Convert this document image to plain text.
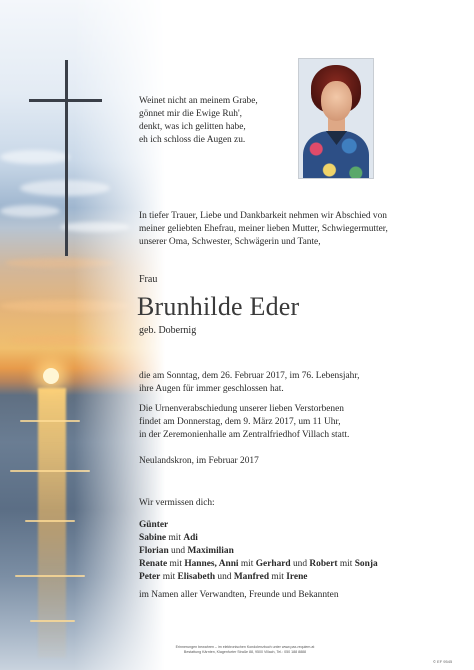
Weinet nicht an meinem Grabe,
gönnet mir die Ewige Ruh',
denkt, was ich gelitten habe,
eh ich schloss die Augen zu.
In tiefer Trauer, Liebe und Dankbarkeit nehmen wir Abschied von
meiner geliebten Ehefrau, meiner lieben Mutter, Schwiegermutter,
unserer Oma, Schwester, Schwägerin und Tante,
Frau
Brunhilde Eder
geb. Dobernig
die am Sonntag, dem 26. Februar 2017, im 76. Lebensjahr,
ihre Augen für immer geschlossen hat.
Die Urnenverabschiedung unserer lieben Verstorbenen
findet am Donnerstag, dem 9. März 2017, um 11 Uhr,
in der Zeremonienhalle am Zentralfriedhof Villach statt.
Neulandskron, im Februar 2017
Wir vermissen dich:
Günter
Sabine mit Adi
Florian und Maximilian
Renate mit Hannes, Anni mit Gerhard und Robert mit Sonja
Peter mit Elisabeth und Manfred mit Irene
im Namen aller Verwandten, Freunde und Bekannten
Erinnerungen bewahren – im elektronischen Kondolenzbuch unter www.pax-requiem.at
Bestattung Kärnten, Klagenfurter Straße 88, 9500 Villach, Tel.: 050 188 8888
© EF 9545
